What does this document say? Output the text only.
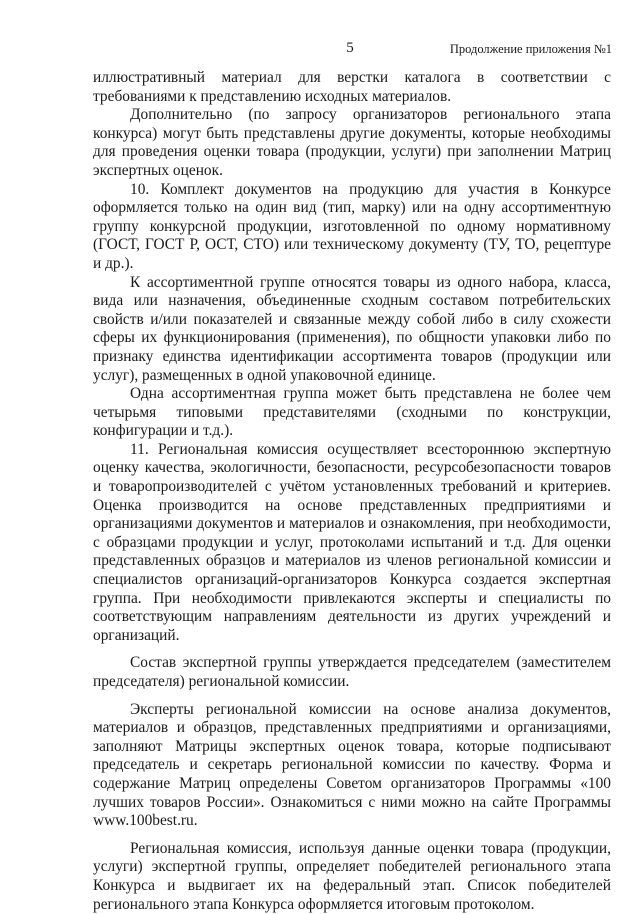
5	Продолжение приложения №1

иллюстративный материал для верстки каталога в соответствии с требованиями к представлению исходных материалов.

Дополнительно (по запросу организаторов регионального этапа конкурса) могут быть представлены другие документы, которые необходимы для проведения оценки товара (продукции, услуги) при заполнении Матриц экспертных оценок.

10. Комплект документов на продукцию для участия в Конкурсе оформляется только на один вид (тип, марку) или на одну ассортиментную группу конкурсной продукции, изготовленной по одному нормативному (ГОСТ, ГОСТ Р, ОСТ, СТО) или техническому документу (ТУ, ТО, рецептуре и др.).

К ассортиментной группе относятся товары из одного набора, класса, вида или назначения, объединенные сходным составом потребительских свойств и/или показателей и связанные между собой либо в силу схожести сферы их функционирования (применения), по общности упаковки либо по признаку единства идентификации ассортимента товаров (продукции или услуг), размещенных в одной упаковочной единице.

Одна ассортиментная группа может быть представлена не более чем четырьмя типовыми представителями (сходными по конструкции, конфигурации и т.д.).

11. Региональная комиссия осуществляет всестороннюю экспертную оценку качества, экологичности, безопасности, ресурсобезопасности товаров и товаропроизводителей с учётом установленных требований и критериев. Оценка производится на основе представленных предприятиями и организациями документов и материалов и ознакомления, при необходимости, с образцами продукции и услуг, протоколами испытаний и т.д. Для оценки представленных образцов и материалов из членов региональной комиссии и специалистов организаций-организаторов Конкурса создается экспертная группа. При необходимости привлекаются эксперты и специалисты по соответствующим направлениям деятельности из других учреждений и организаций.

Состав экспертной группы утверждается председателем (заместителем председателя) региональной комиссии.

Эксперты региональной комиссии на основе анализа документов, материалов и образцов, представленных предприятиями и организациями, заполняют Матрицы экспертных оценок товара, которые подписывают председатель и секретарь региональной комиссии по качеству. Форма и содержание Матриц определены Советом организаторов Программы «100 лучших товаров России». Ознакомиться с ними можно на сайте Программы www.100best.ru.

Региональная комиссия, используя данные оценки товара (продукции, услуги) экспертной группы, определяет победителей регионального этапа Конкурса и выдвигает их на федеральный этап. Список победителей регионального этапа Конкурса оформляется итоговым протоколом.
